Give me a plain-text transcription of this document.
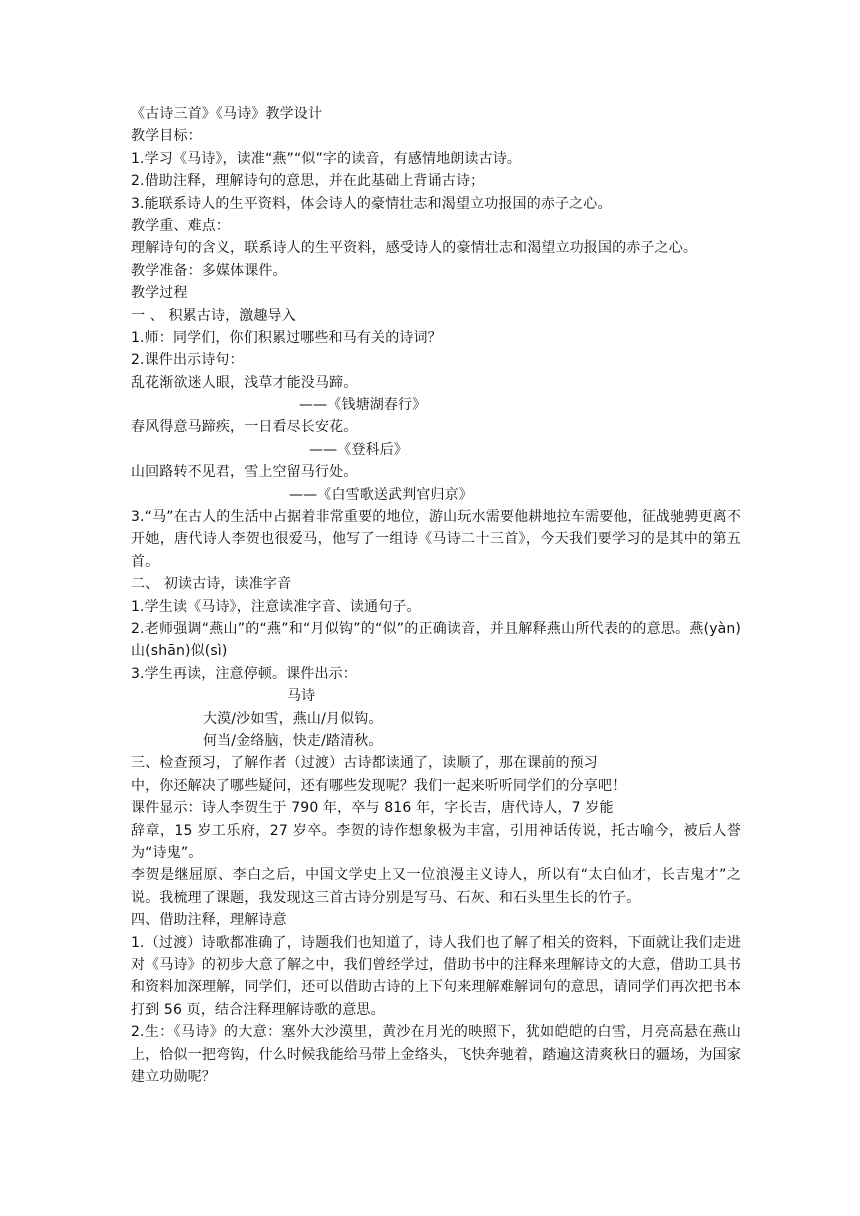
《古诗三首》《马诗》教学设计
教学目标：
1.学习《马诗》，读准“燕”“似”字的读音，有感情地朗读古诗。
2.借助注释，理解诗句的意思，并在此基础上背诵古诗；
3.能联系诗人的生平资料，体会诗人的豪情壮志和渴望立功报国的赤子之心。
教学重、难点：
理解诗句的含义，联系诗人的生平资料，感受诗人的豪情壮志和渴望立功报国的赤子之心。
教学准备：多媒体课件。
教学过程
一 、 积累古诗，激趣导入
1.师：同学们，你们积累过哪些和马有关的诗词？
2.课件出示诗句：
乱花渐欲迷人眼，浅草才能没马蹄。
——《钱塘湖春行》
春风得意马蹄疾，一日看尽长安花。
——《登科后》
山回路转不见君，雪上空留马行处。
——《白雪歌送武判官归京》
3.“马”在古人的生活中占据着非常重要的地位，游山玩水需要他耕地拉车需要他，征战驰骋更离不开她，唐代诗人李贺也很爱马，他写了一组诗《马诗二十三首》，今天我们要学习的是其中的第五首。
二、 初读古诗，读准字音
1.学生读《马诗》，注意读准字音、读通句子。
2.老师强调“燕山”的“燕”和“月似钩”的“似”的正确读音，并且解释燕山所代表的的意思。燕(yàn) 山(shān)似(sì)
3.学生再读，注意停顿。课件出示：
马诗
大漠/沙如雪，燕山/月似钩。
何当/金络脑，快走/踏清秋。
三、检查预习，了解作者（过渡）古诗都读通了，读顺了，那在课前的预习
中，你还解决了哪些疑问，还有哪些发现呢？我们一起来听听同学们的分享吧！
课件显示：诗人李贺生于 790 年，卒与 816 年，字长吉，唐代诗人，7 岁能
辞章，15 岁工乐府，27 岁卒。李贺的诗作想象极为丰富，引用神话传说，托古喻今，被后人誉为“诗鬼”。
李贺是继屈原、李白之后，中国文学史上又一位浪漫主义诗人，所以有“太白仙才，长吉鬼才”之说。我梳理了课题，我发现这三首古诗分别是写马、石灰、和石头里生长的竹子。
四、借助注释，理解诗意
1.（过渡）诗歌都准确了，诗题我们也知道了，诗人我们也了解了相关的资料，下面就让我们走进对《马诗》的初步大意了解之中，我们曾经学过，借助书中的注释来理解诗文的大意，借助工具书和资料加深理解，同学们，还可以借助古诗的上下句来理解难解词句的意思，请同学们再次把书本打到 56 页，结合注释理解诗歌的意思。
2.生：《马诗》的大意：塞外大沙漠里，黄沙在月光的映照下，犹如皑皑的白雪，月亮高悬在燕山上，恰似一把弯钩，什么时候我能给马带上金络头，飞快奔驰着，踏遍这清爽秋日的疆场，为国家建立功勋呢？
